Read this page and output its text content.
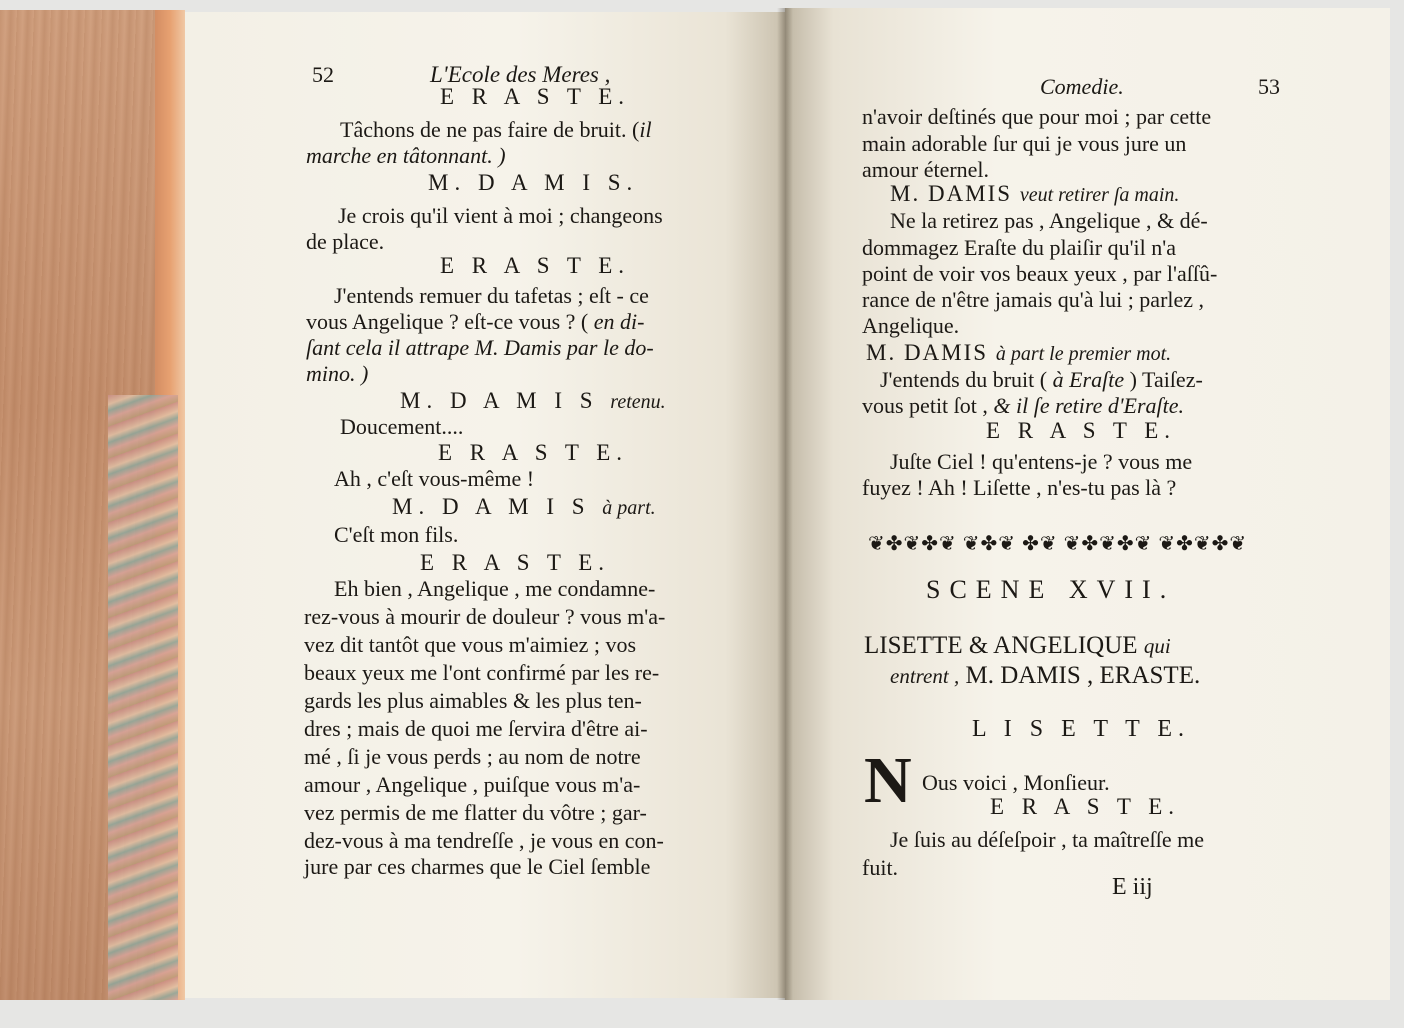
52	L'Ecole des Meres ,
E R A S T E.
Tâchons de ne pas faire de bruit. (il
marche en tâtonnant. )
M. D A M I S.
Je crois qu'il vient à moi ; changeons
de place.
E R A S T E.
J'entends remuer du tafetas ; eſt - ce
vous Angelique ? eſt-ce vous ? ( en di-
ſant cela il attrape M. Damis par le do-
mino. )
M. D A M I S retenu.
Doucement....
E R A S T E.
Ah , c'eſt vous-même !
M. D A M I S à part.
C'eſt mon fils.
E R A S T E.
Eh bien , Angelique , me condamne-
rez-vous à mourir de douleur ? vous m'a-
vez dit tantôt que vous m'aimiez ; vos
beaux yeux me l'ont confirmé par les re-
gards les plus aimables & les plus ten-
dres ; mais de quoi me ſervira d'être ai-
mé , ſi je vous perds ; au nom de notre
amour , Angelique , puiſque vous m'a-
vez permis de me flatter du vôtre ; gar-
dez-vous à ma tendreſſe , je vous en con-
jure par ces charmes que le Ciel ſemble
Comedie.	53
n'avoir deſtinés que pour moi ; par cette
main adorable ſur qui je vous jure un
amour éternel.
M. DAMIS veut retirer ſa main.
Ne la retirez pas , Angelique , & dé-
dommagez Eraſte du plaiſir qu'il n'a
point de voir vos beaux yeux , par l'aſſû-
rance de n'être jamais qu'à lui ; parlez ,
Angelique.
M. DAMIS à part le premier mot.
J'entends du bruit ( à Eraſte ) Taiſez-
vous petit ſot , & il ſe retire d'Eraſte.
E R A S T E.
Juſte Ciel ! qu'entens-je ? vous me
fuyez ! Ah ! Liſette , n'es-tu pas là ?
❦✤❦✤❦ ❦✤❦ ✤❦ ❦✤❦✤❦ ❦✤❦✤❦
SCENE XVII.
LISETTE & ANGELIQUE qui
entrent , M. DAMIS , ERASTE.
L I S E T T E.
N Ous voici , Monſieur.
E R A S T E.
Je ſuis au déſeſpoir , ta maîtreſſe me
fuit.
E iij
